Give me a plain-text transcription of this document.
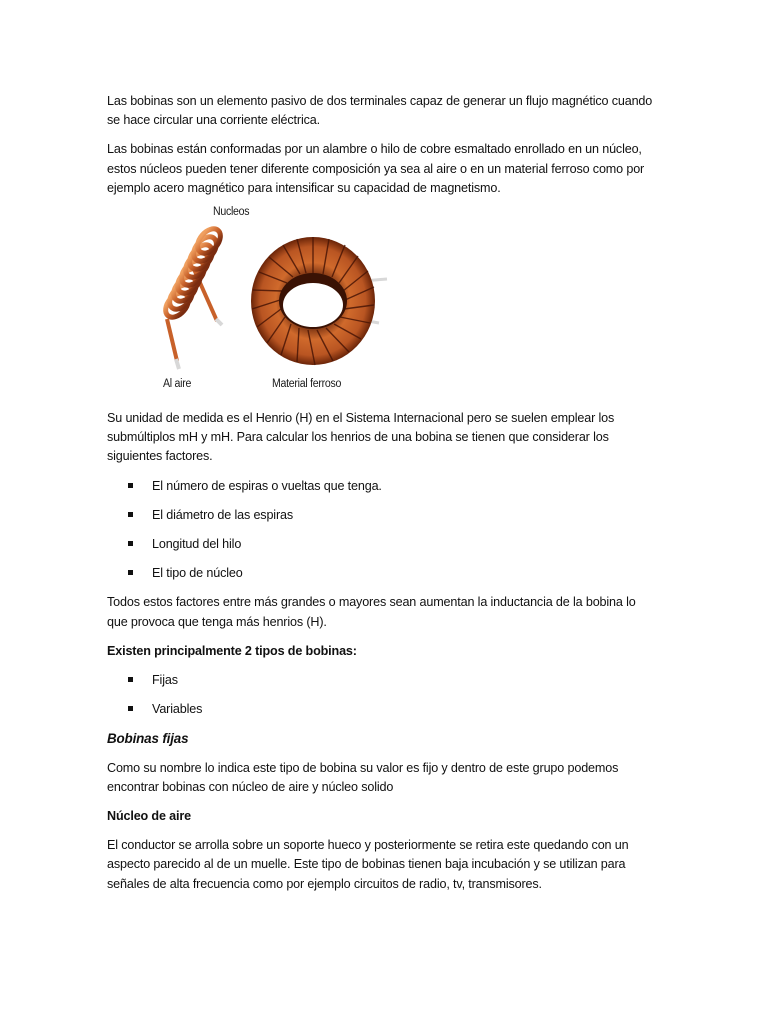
Las bobinas son un elemento pasivo de dos terminales capaz de generar un flujo magnético cuando se hace circular una corriente eléctrica.

Las bobinas están conformadas por un alambre o hilo de cobre esmaltado enrollado en un núcleo, estos núcleos pueden tener diferente composición ya sea al aire o en un material ferroso como por ejemplo acero magnético para intensificar su capacidad de magnetismo.

Nucleos
Al aire	Material ferroso

Su unidad de medida es el Henrio (H) en el Sistema Internacional pero se suelen emplear los submúltiplos mH y mH. Para calcular los henrios de una bobina se tienen que considerar los siguientes factores.

El número de espiras o vueltas que tenga.
El diámetro de las espiras
Longitud del hilo
El tipo de núcleo

Todos estos factores entre más grandes o mayores sean aumentan la inductancia de la bobina lo que provoca que tenga más henrios (H).

Existen principalmente 2 tipos de bobinas:

Fijas
Variables

Bobinas fijas

Como su nombre lo indica este tipo de bobina su valor es fijo y dentro de este grupo podemos encontrar bobinas con núcleo de aire y núcleo solido

Núcleo de aire

El conductor se arrolla sobre un soporte hueco y posteriormente se retira este quedando con un aspecto parecido al de un muelle. Este tipo de bobinas tienen baja incubación y se utilizan para señales de alta frecuencia como por ejemplo circuitos de radio, tv, transmisores.
